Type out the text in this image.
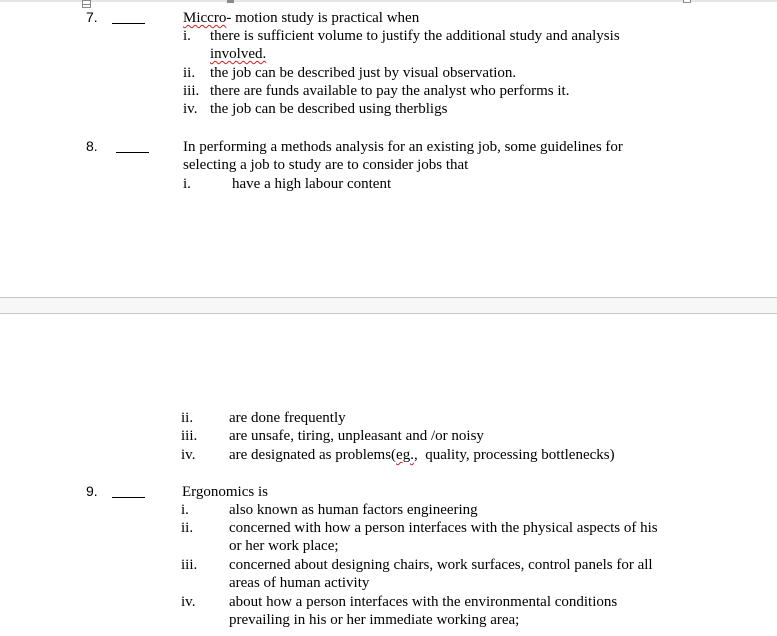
7.	Miccro- motion study is practical when
i. there is sufficient volume to justify the additional study and analysis
involved.
ii. the job can be described just by visual observation.
iii. there are funds available to pay the analyst who performs it.
iv. the job can be described using therbligs
8.	In performing a methods analysis for an existing job, some guidelines for
selecting a job to study are to consider jobs that
i.	have a high labour content
ii. are done frequently
iii. are unsafe, tiring, unpleasant and /or noisy
iv. are designated as problems(eg.,  quality, processing bottlenecks)
9.	Ergonomics is
i.	also known as human factors engineering
ii. concerned with how a person interfaces with the physical aspects of his
or her work place;
iii. concerned about designing chairs, work surfaces, control panels for all
areas of human activity
iv. about how a person interfaces with the environmental conditions
prevailing in his or her immediate working area;
